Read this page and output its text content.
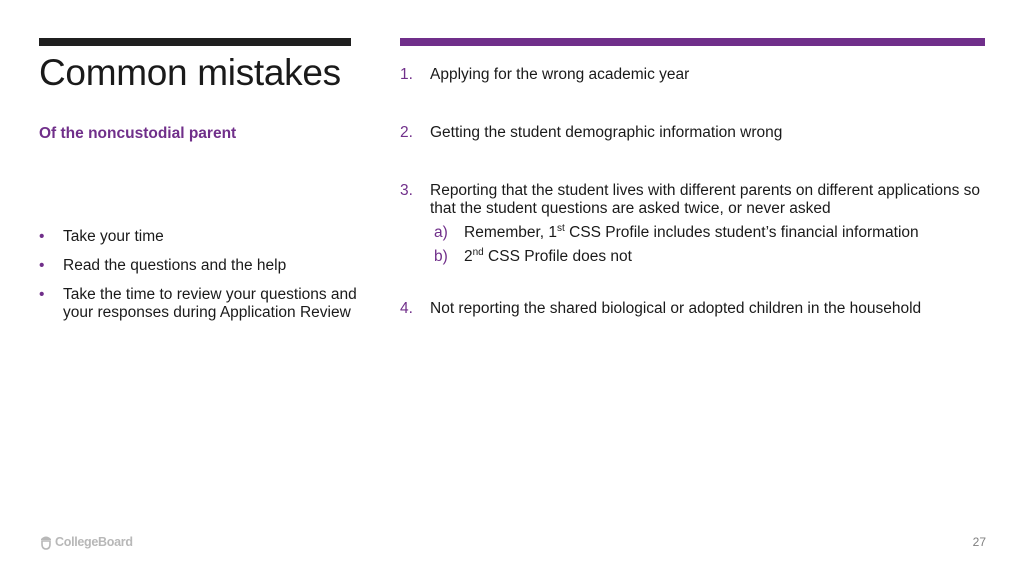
Common mistakes
Of the noncustodial parent
• Take your time
• Read the questions and the help
• Take the time to review your questions and your responses during Application Review
1. Applying for the wrong academic year
2. Getting the student demographic information wrong
3. Reporting that the student lives with different parents on different applications so that the student questions are asked twice, or never asked
a) Remember, 1st CSS Profile includes student’s financial information
b) 2nd CSS Profile does not
4. Not reporting the shared biological or adopted children in the household
CollegeBoard	27
